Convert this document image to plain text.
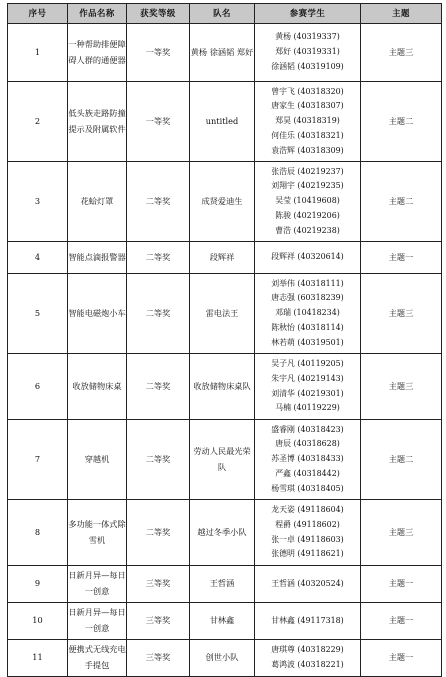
序号	作品名称	获奖等级	队名	参赛学生	主题
1	一种帮助排便障碍人群的通便器	一等奖	黄杨 徐涵韬 郑好	黄杨 (40319337)
郑好 (40319331)
徐涵韬 (40319109)	主题三
2	低头族走路防撞提示及附属软件	一等奖	untitled	曾宇飞 (40318320)
唐家生 (40318307)
郑昊 (40318319)
何佳乐 (40318321)
袁浩辉 (40318309)	主题二
3	花蛤灯罩	二等奖	成贤爱迪生	张浩辰 (40219237)
刘翔宇 (40219235)
吴莹 (10419608)
陈骏 (40219206)
曹浩 (40219238)	主题二
4	智能点滴报警器	二等奖	段辉祥	段辉祥 (40320614)	主题一
5	智能电磁炮小车	二等奖	雷电法王	刘举伟 (40318111)
唐志强 (60318239)
邓瑞 (10418234)
陈秋怡 (40318114)
林若萌 (40319501)	主题三
6	收放储物床桌	二等奖	收放储物床桌队	吴子凡 (40119205)
朱宇凡 (40219143)
刘清华 (40219301)
马楠 (40119229)	主题三
7	穿越机	二等奖	劳动人民最光荣队	盛睿刚 (40318423)
唐辰 (40318628)
苏圣博 (40318433)
严鑫 (40318442)
杨雪琪 (40318405)	主题二
8	多功能一体式除雪机	二等奖	越过冬季小队	龙天姿 (49118604)
程爵 (49118602)
张一卓 (49118603)
张德明 (49118621)	主题三
9	日新月异—每日一创意	三等奖	王哲涵	王哲涵 (40320524)	主题一
10	日新月异—每日一创意	三等奖	甘林鑫	甘林鑫 (49117318)	主题一
11	便携式无线充电手提包	三等奖	创世小队	唐琪尊 (40318229)
葛鸿波 (40318221)	主题一
